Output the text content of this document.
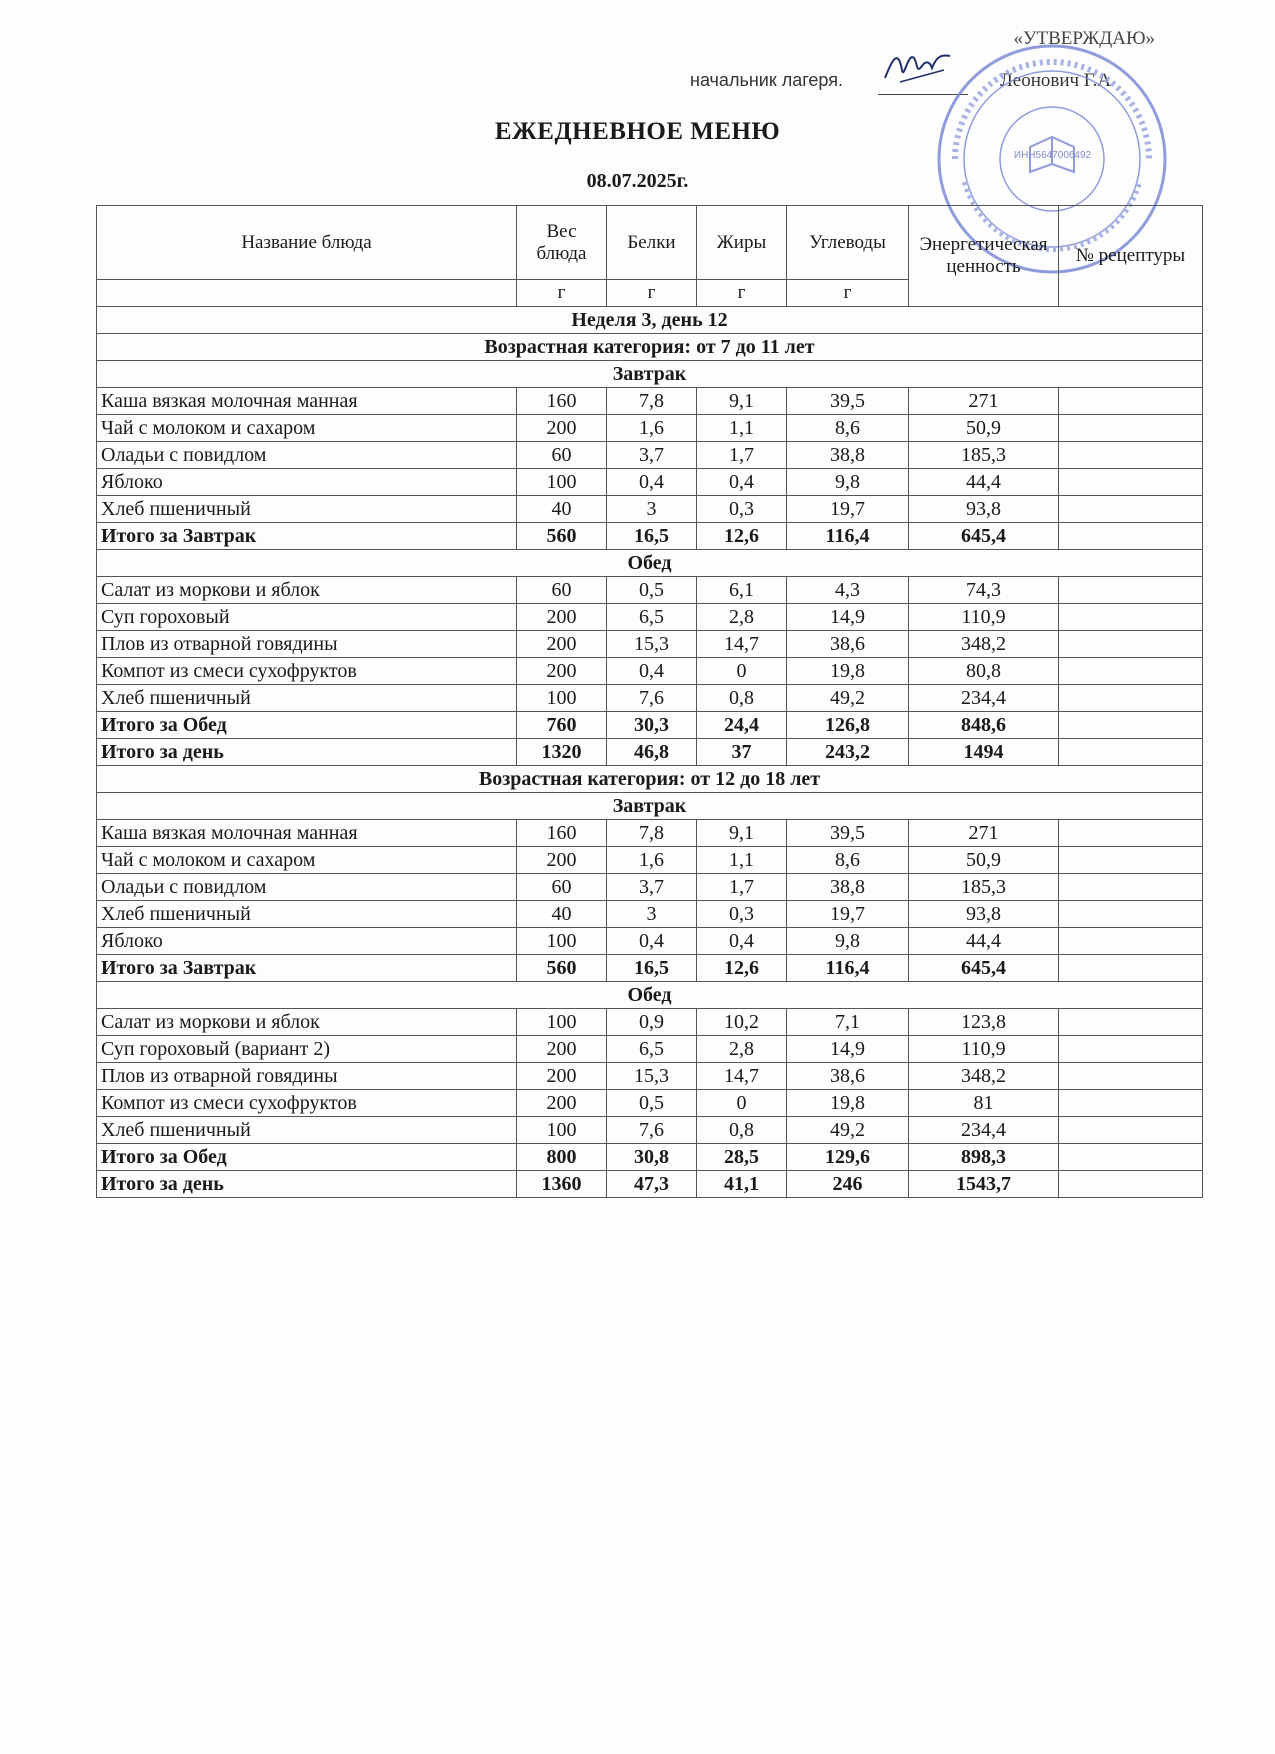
«УТВЕРЖДАЮ»
начальник лагеря.	Леонович Г.А
ИНН5647006492
ЕЖЕДНЕВНОЕ МЕНЮ
08.07.2025г.
Название блюда	Вес блюда	Белки	Жиры	Углеводы	Энергетическая ценность	№ рецептуры
	г	г	г	г		
Неделя 3, день 12						
Возрастная категория: от 7 до 11 лет						
Завтрак						
Каша вязкая молочная манная	160	7,8	9,1	39,5	271	
Чай с молоком и сахаром	200	1,6	1,1	8,6	50,9	
Оладьи с повидлом	60	3,7	1,7	38,8	185,3	
Яблоко	100	0,4	0,4	9,8	44,4	
Хлеб пшеничный	40	3	0,3	19,7	93,8	
Итого за Завтрак	560	16,5	12,6	116,4	645,4	
Обед						
Салат из моркови и яблок	60	0,5	6,1	4,3	74,3	
Суп гороховый	200	6,5	2,8	14,9	110,9	
Плов из отварной говядины	200	15,3	14,7	38,6	348,2	
Компот из смеси сухофруктов	200	0,4	0	19,8	80,8	
Хлеб пшеничный	100	7,6	0,8	49,2	234,4	
Итого за Обед	760	30,3	24,4	126,8	848,6	
Итого за день	1320	46,8	37	243,2	1494	
Возрастная категория: от 12 до 18 лет						
Завтрак						
Каша вязкая молочная манная	160	7,8	9,1	39,5	271	
Чай с молоком и сахаром	200	1,6	1,1	8,6	50,9	
Оладьи с повидлом	60	3,7	1,7	38,8	185,3	
Хлеб пшеничный	40	3	0,3	19,7	93,8	
Яблоко	100	0,4	0,4	9,8	44,4	
Итого за Завтрак	560	16,5	12,6	116,4	645,4	
Обед						
Салат из моркови и яблок	100	0,9	10,2	7,1	123,8	
Суп гороховый (вариант 2)	200	6,5	2,8	14,9	110,9	
Плов из отварной говядины	200	15,3	14,7	38,6	348,2	
Компот из смеси сухофруктов	200	0,5	0	19,8	81	
Хлеб пшеничный	100	7,6	0,8	49,2	234,4	
Итого за Обед	800	30,8	28,5	129,6	898,3	
Итого за день	1360	47,3	41,1	246	1543,7	
